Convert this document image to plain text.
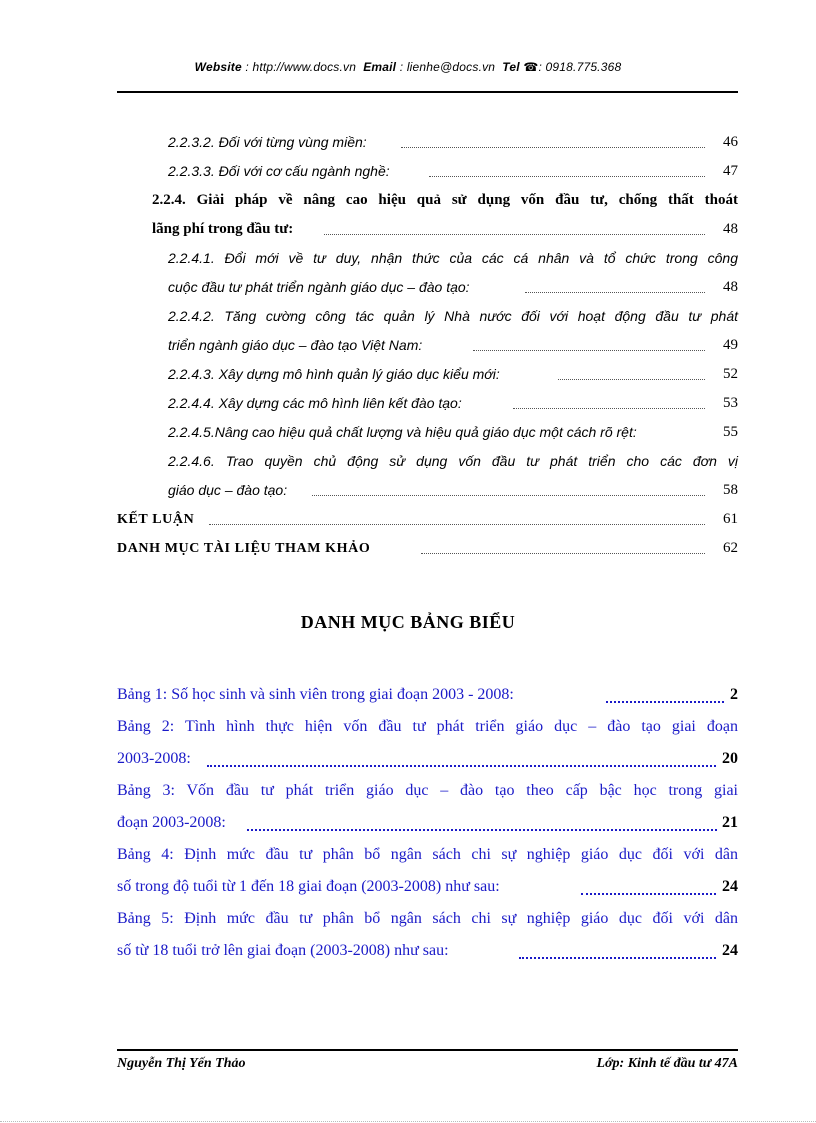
Website : http://www.docs.vn Email : lienhe@docs.vn Tel ☎: 0918.775.368
2.2.3.2. Đối với từng vùng miền:	46
2.2.3.3. Đối với cơ cấu ngành nghề:	47
2.2.4. Giải pháp về nâng cao hiệu quả sử dụng vốn đầu tư, chống thất thoát
lãng phí trong đầu tư:	48
2.2.4.1. Đổi mới về tư duy, nhận thức của các cá nhân và tổ chức trong công
cuộc đầu tư phát triển ngành giáo dục – đào tạo:	48
2.2.4.2. Tăng cường công tác quản lý Nhà nước đối với hoạt động đầu tư phát
triển ngành giáo dục – đào tạo Việt Nam:	49
2.2.4.3. Xây dựng mô hình quản lý giáo dục kiểu mới:	52
2.2.4.4. Xây dựng các mô hình liên kết đào tạo:	53
2.2.4.5.Nâng cao hiệu quả chất lượng và hiệu quả giáo dục một cách rõ rệt:	55
2.2.4.6. Trao quyền chủ động sử dụng vốn đầu tư phát triển cho các đơn vị
giáo dục – đào tạo:	58
KẾT LUẬN	61
DANH MỤC TÀI LIỆU THAM KHẢO	62
DANH MỤC BẢNG BIỂU
Bảng 1: Số học sinh và sinh viên trong giai đoạn 2003 - 2008:	2
Bảng 2: Tình hình thực hiện vốn đầu tư phát triển giáo dục – đào tạo giai đoạn
2003-2008:	20
Bảng 3: Vốn đầu tư phát triển giáo dục – đào tạo theo cấp bậc học trong giai
đoạn 2003-2008:	21
Bảng 4: Định mức đầu tư phân bổ ngân sách chi sự nghiệp giáo dục đối với dân
số trong độ tuổi từ 1 đến 18 giai đoạn (2003-2008) như sau:	24
Bảng 5: Định mức đầu tư phân bổ ngân sách chi sự nghiệp giáo dục đối với dân
số từ 18 tuổi trở lên giai đoạn (2003-2008) như sau:	24
Nguyễn Thị Yến Thảo	Lớp: Kinh tế đầu tư 47A
